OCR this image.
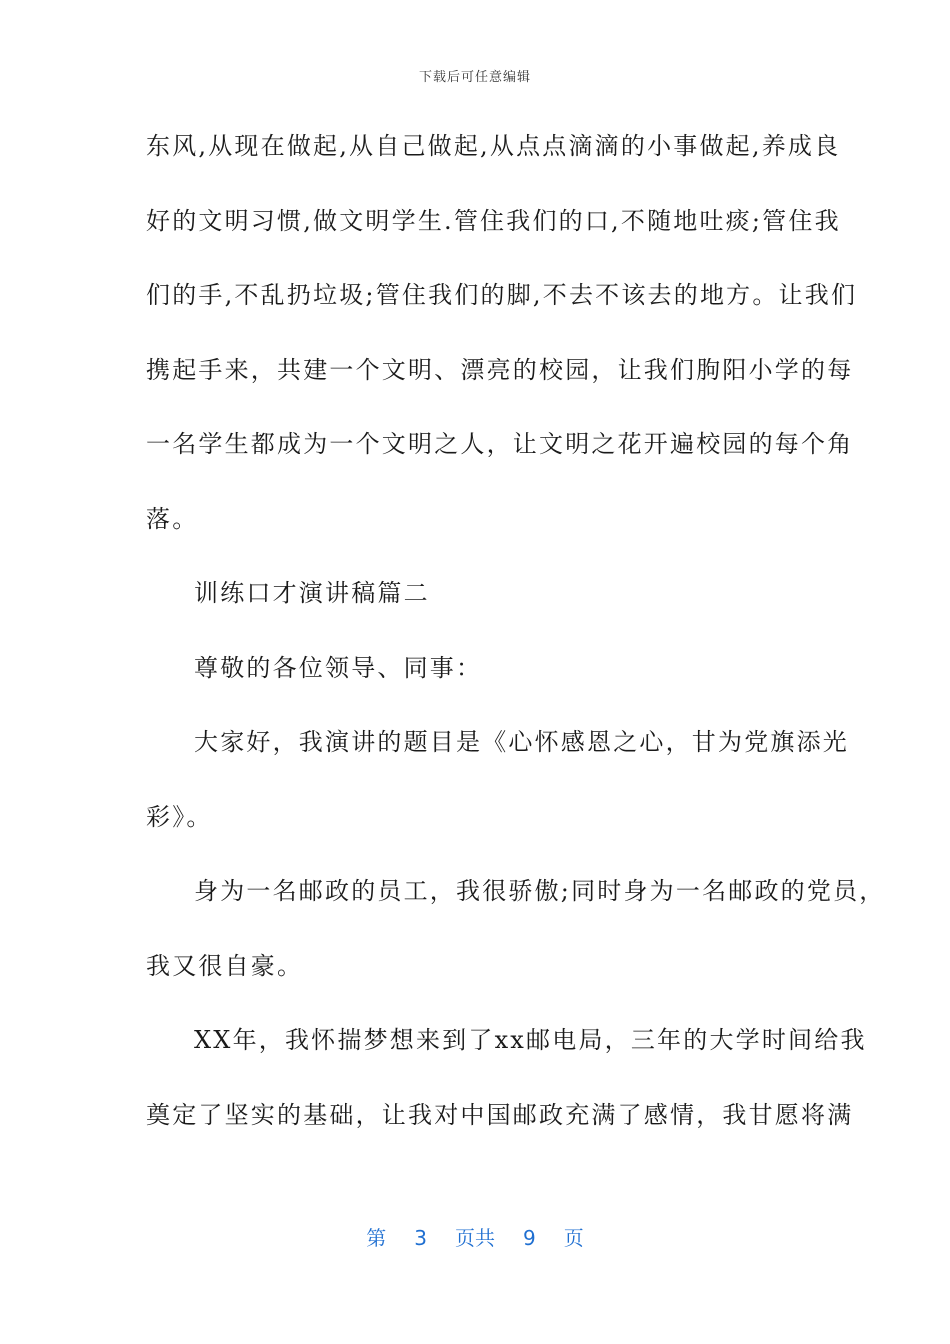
下载后可任意编辑
东风,从现在做起,从自己做起,从点点滴滴的小事做起,养成良
好的文明习惯,做文明学生.管住我们的口,不随地吐痰;管住我
们的手,不乱扔垃圾;管住我们的脚,不去不该去的地方。让我们
携起手来，共建一个文明、漂亮的校园，让我们朐阳小学的每
一名学生都成为一个文明之人，让文明之花开遍校园的每个角
落。
训练口才演讲稿篇二
尊敬的各位领导、同事：
大家好，我演讲的题目是《心怀感恩之心，甘为党旗添光
彩》。
身为一名邮政的员工，我很骄傲;同时身为一名邮政的党员，
我又很自豪。
XX年，我怀揣梦想来到了xx邮电局，三年的大学时间给我
奠定了坚实的基础，让我对中国邮政充满了感情，我甘愿将满
第 3 页共 9 页
